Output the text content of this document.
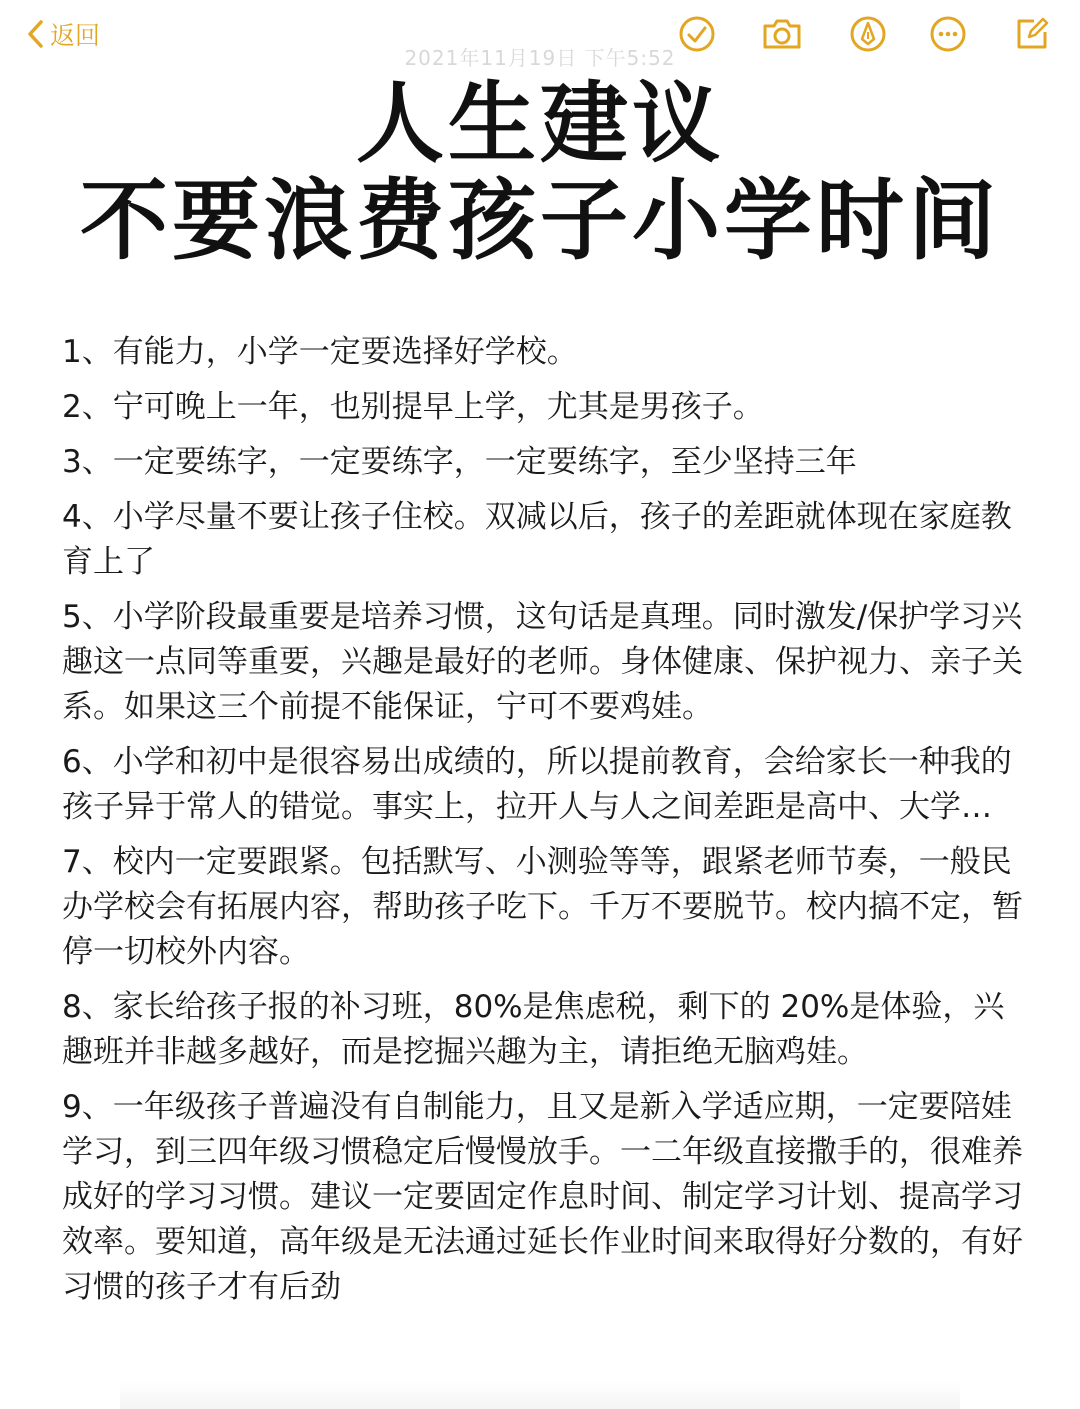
返回
2021年11月19日 下午5:52
人生建议
不要浪费孩子小学时间

1、有能力，小学一定要选择好学校。

2、宁可晚上一年，也别提早上学，尤其是男孩子。

3、一定要练字，一定要练字，一定要练字，至少坚持三年

4、小学尽量不要让孩子住校。双减以后，孩子的差距就体现在家庭教育上了

5、小学阶段最重要是培养习惯，这句话是真理。同时激发/保护学习兴趣这一点同等重要，兴趣是最好的老师。身体健康、保护视力、亲子关系。如果这三个前提不能保证，宁可不要鸡娃。

6、小学和初中是很容易出成绩的，所以提前教育，会给家长一种我的孩子异于常人的错觉。事实上，拉开人与人之间差距是高中、大学…

7、校内一定要跟紧。包括默写、小测验等等，跟紧老师节奏，一般民办学校会有拓展内容，帮助孩子吃下。千万不要脱节。校内搞不定，暂停一切校外内容。

8、家长给孩子报的补习班，80%是焦虑税，剩下的 20%是体验，兴趣班并非越多越好，而是挖掘兴趣为主，请拒绝无脑鸡娃。

9、一年级孩子普遍没有自制能力，且又是新入学适应期，一定要陪娃学习，到三四年级习惯稳定后慢慢放手。一二年级直接撒手的，很难养成好的学习习惯。建议一定要固定作息时间、制定学习计划、提高学习效率。要知道，高年级是无法通过延长作业时间来取得好分数的，有好习惯的孩子才有后劲
